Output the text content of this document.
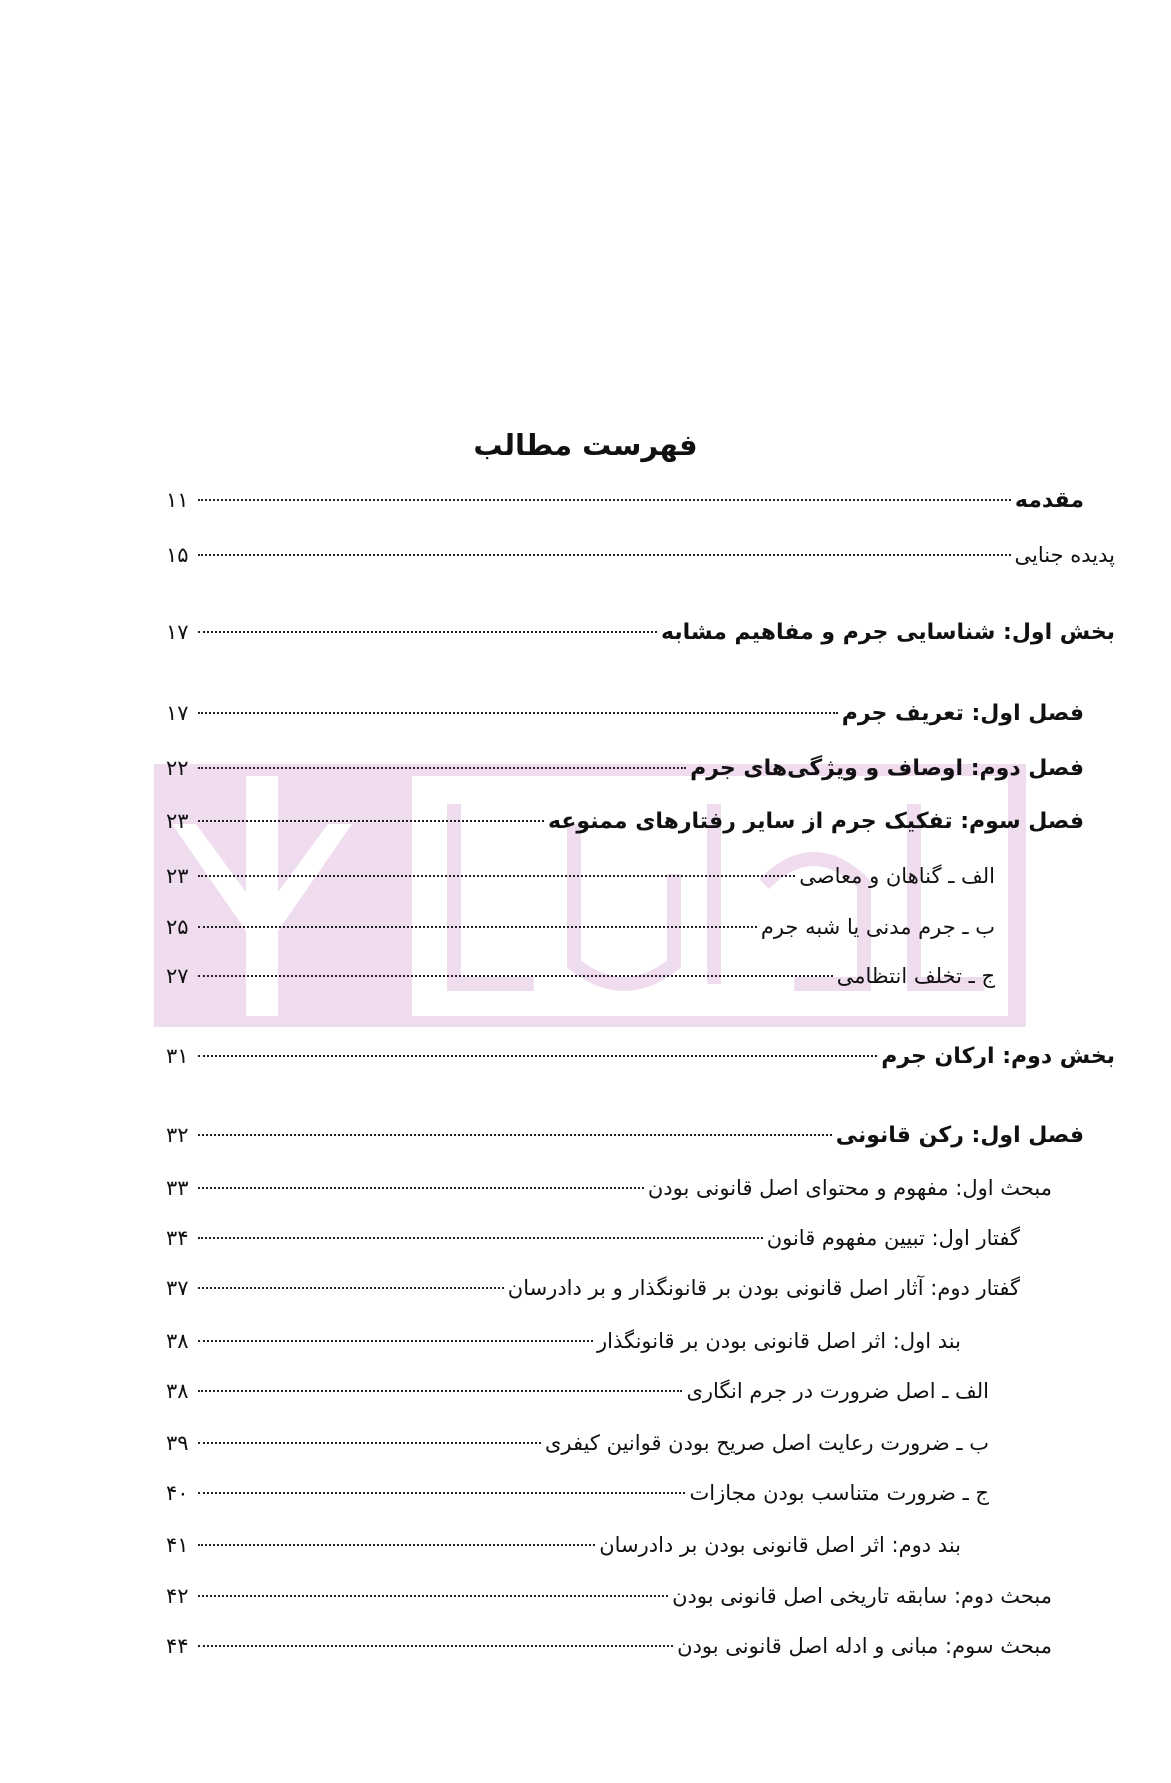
فهرست مطالب
مقدمه
۱۱
پدیده جنایی
۱۵
بخش اول: شناسایی جرم و مفاهیم مشابه
۱۷
فصل اول: تعریف جرم
۱۷
فصل دوم: اوصاف و ویژگی‌های جرم
۲۲
فصل سوم: تفکیک جرم از سایر رفتارهای ممنوعه
۲۳
الف ـ گناهان و معاصی
۲۳
ب ـ جرم مدنی یا شبه جرم
۲۵
ج ـ تخلف انتظامی
۲۷
بخش دوم: ارکان جرم
۳۱
فصل اول: رکن قانونی
۳۲
مبحث اول: مفهوم و محتوای اصل قانونی بودن
۳۳
گفتار اول: تبیین مفهوم قانون
۳۴
گفتار دوم: آثار اصل قانونی بودن بر قانونگذار و بر دادرسان
۳۷
بند اول: اثر اصل قانونی بودن بر قانونگذار
۳۸
الف ـ اصل ضرورت در جرم انگاری
۳۸
ب ـ ضرورت رعایت اصل صریح بودن قوانین کیفری
۳۹
ج ـ ضرورت متناسب بودن مجازات
۴۰
بند دوم: اثر اصل قانونی بودن بر دادرسان
۴۱
مبحث دوم: سابقه تاریخی اصل قانونی بودن
۴۲
مبحث سوم: مبانی و ادله اصل قانونی بودن
۴۴
